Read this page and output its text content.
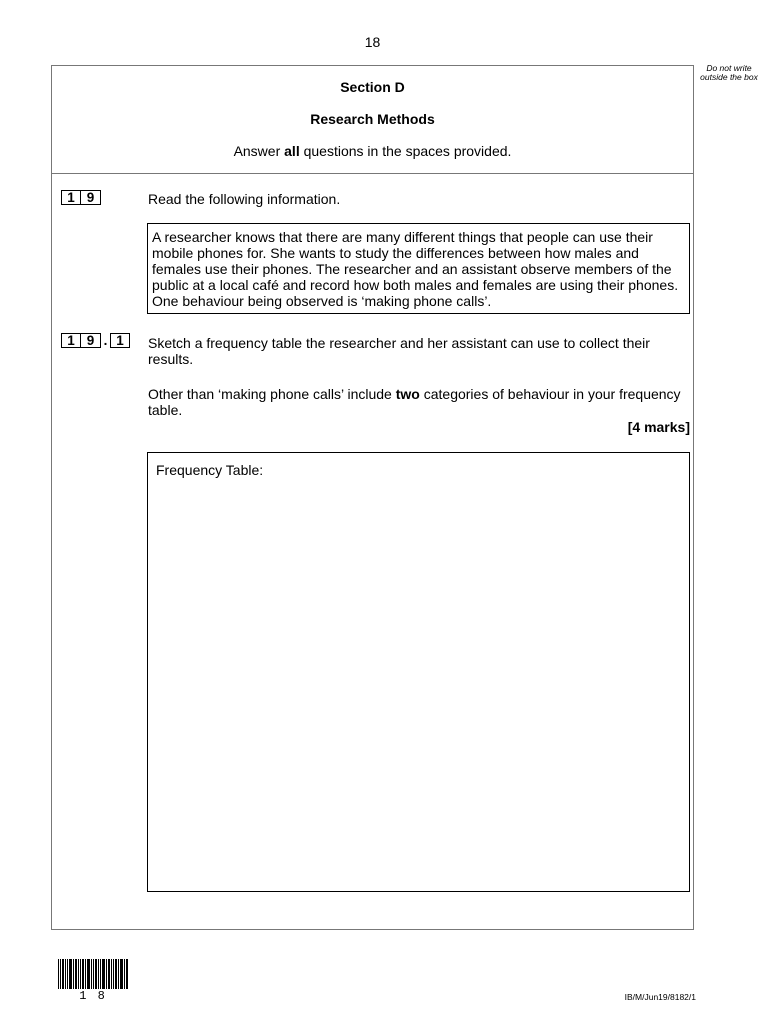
18
Do not write outside the box
Section D
Research Methods
Answer all questions in the spaces provided.
1 9	Read the following information.
A researcher knows that there are many different things that people can use their mobile phones for. She wants to study the differences between how males and females use their phones. The researcher and an assistant observe members of the public at a local café and record how both males and females are using their phones. One behaviour being observed is ‘making phone calls’.
1 9 . 1	Sketch a frequency table the researcher and her assistant can use to collect their results.
Other than ‘making phone calls’ include two categories of behaviour in your frequency table.
[4 marks]
Frequency Table:
1 8	IB/M/Jun19/8182/1
